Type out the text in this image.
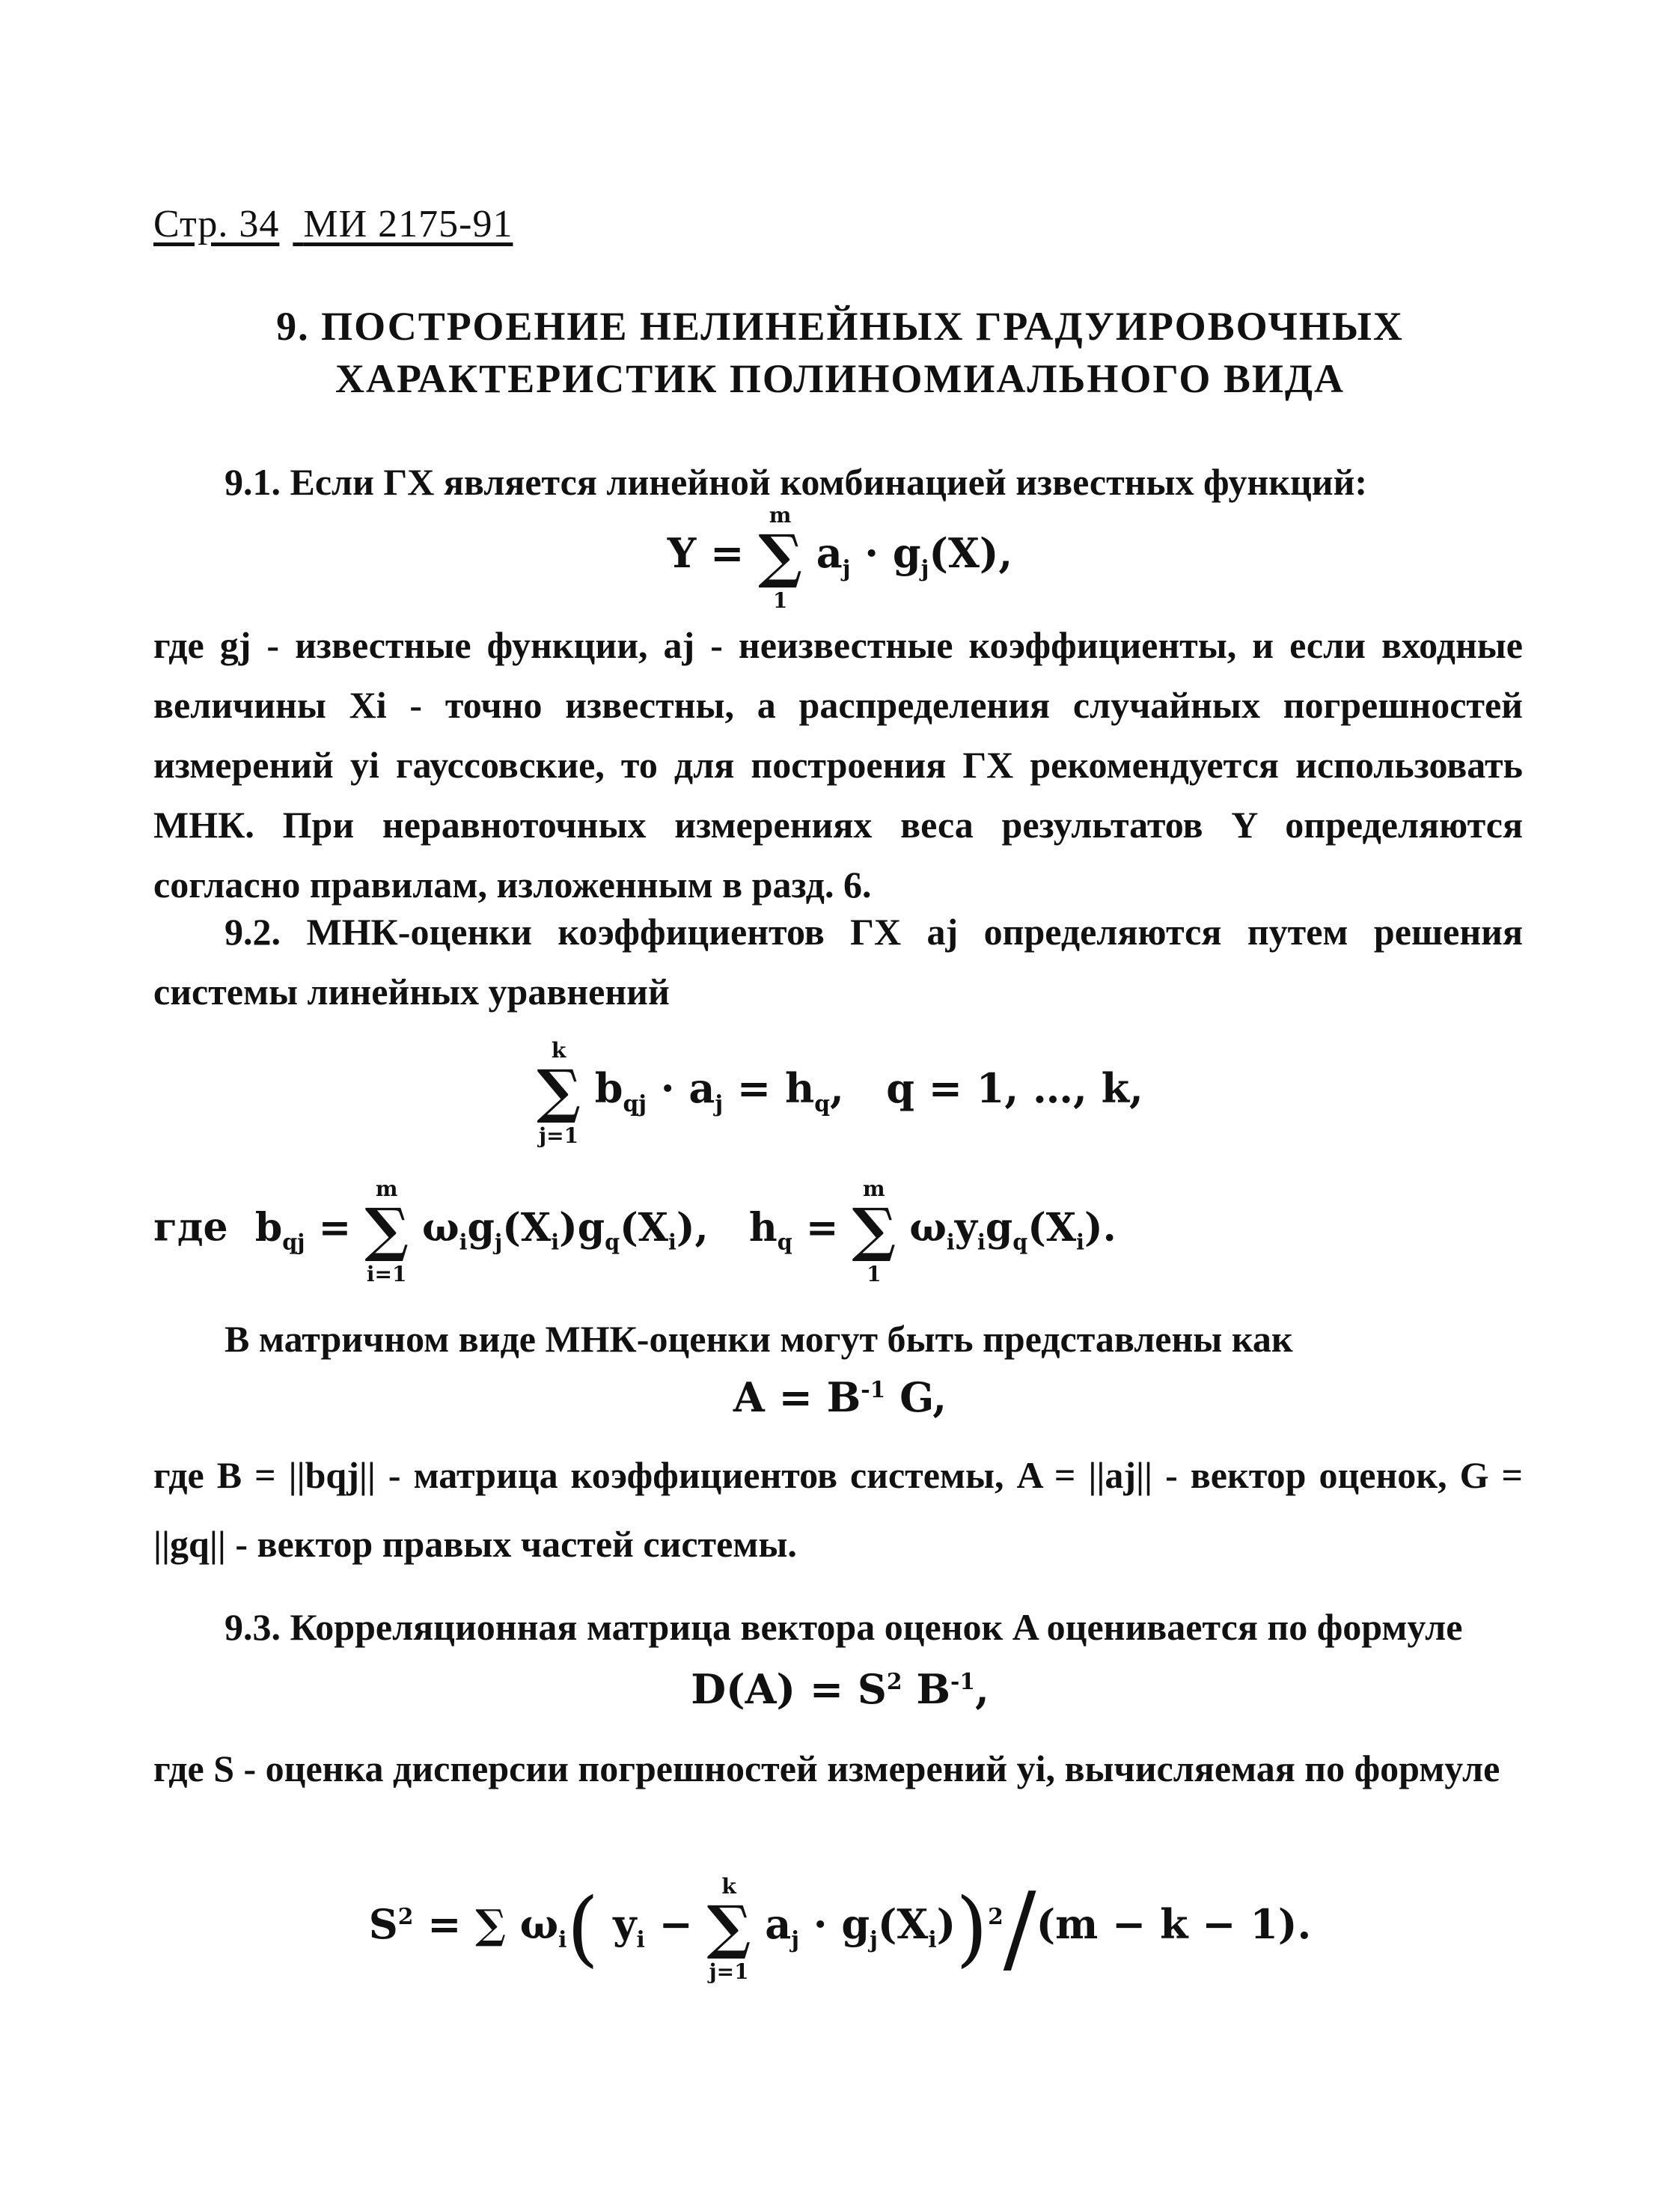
Стр. 34 МИ 2175-91
9. ПОСТРОЕНИЕ НЕЛИНЕЙНЫХ ГРАДУИРОВОЧНЫХ
ХАРАКТЕРИСТИК ПОЛИНОМИАЛЬНОГО ВИДА
9.1. Если ГХ является линейной комбинацией известных функций:
Y = ∑
m
1
$a_j \cdot g_j(X)$,
где gj - известные функции, aj - неизвестные коэффициенты, и если входные величины Xi - точно известны, а распределения случайных погрешностей измерений yi гауссовские, то для построения ГХ рекомендуется использовать МНК. При неравноточных измерениях веса результатов Y определяются согласно правилам, изложенным в разд. 6.
9.2. МНК-оценки коэффициентов ГХ aj определяются путем решения системы линейных уравнений
∑
k
j=1
$b_{qj} \cdot a_j = h_q$,   q = 1, …, k,
где  $b_{qj}$ = ∑
m
i=1
$\omega_ig_j(X_i)g_q(X_i)$,   $h_q$ = ∑
m
1
$\omega_iy_ig_q(X_i)$.
В матричном виде МНК-оценки могут быть представлены как
$A = B^{-1}$ G,
где B = ||bqj|| - матрица коэффициентов системы, A = ||aj|| - вектор оценок, G = ||gq|| - вектор правых частей системы.
9.3. Корреляционная матрица вектора оценок A оценивается по формуле
$D(A) = S^2$ $B^{-1}$,
где S - оценка дисперсии погрешностей измерений yi, вычисляемая по формуле
$S^2$ = ∑ $\omega_i$( $y_i$ − ∑
k
j=1
$a_j \cdot g_j(X_i))^2/(m - k - 1)$.
